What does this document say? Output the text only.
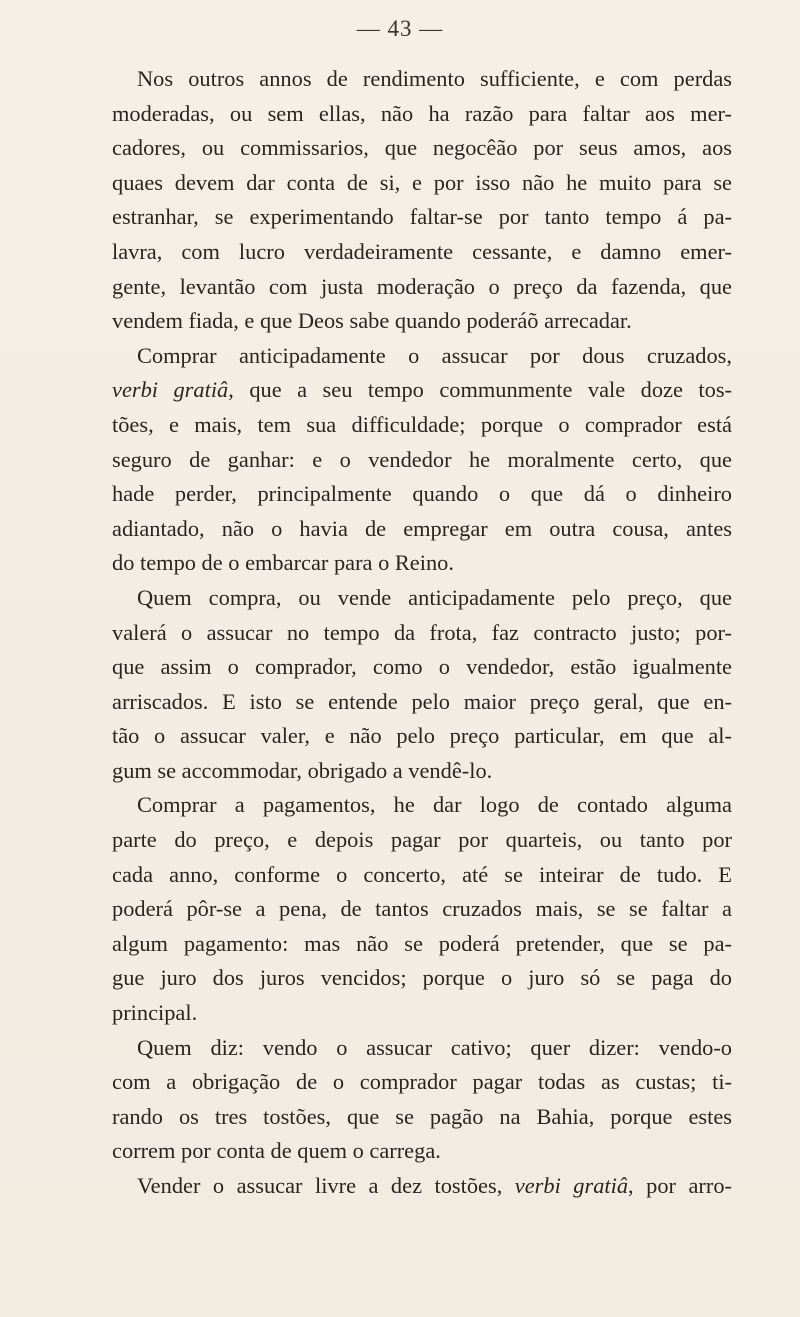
— 43 —
Nos outros annos de rendimento sufficiente, e com perdas
moderadas, ou sem ellas, não ha razão para faltar aos mer-
cadores, ou commissarios, que negocêão por seus amos, aos
quaes devem dar conta de si, e por isso não he muito para se
estranhar, se experimentando faltar-se por tanto tempo á pa-
lavra, com lucro verdadeiramente cessante, e damno emer-
gente, levantão com justa moderação o preço da fazenda, que
vendem fiada, e que Deos sabe quando poderáõ arrecadar.
Comprar anticipadamente o assucar por dous cruzados,
verbi gratiâ, que a seu tempo communmente vale doze tos-
tões, e mais, tem sua difficuldade; porque o comprador está
seguro de ganhar: e o vendedor he moralmente certo, que
hade perder, principalmente quando o que dá o dinheiro
adiantado, não o havia de empregar em outra cousa, antes
do tempo de o embarcar para o Reino.
Quem compra, ou vende anticipadamente pelo preço, que
valerá o assucar no tempo da frota, faz contracto justo; por-
que assim o comprador, como o vendedor, estão igualmente
arriscados. E isto se entende pelo maior preço geral, que en-
tão o assucar valer, e não pelo preço particular, em que al-
gum se accommodar, obrigado a vendê-lo.
Comprar a pagamentos, he dar logo de contado alguma
parte do preço, e depois pagar por quarteis, ou tanto por
cada anno, conforme o concerto, até se inteirar de tudo. E
poderá pôr-se a pena, de tantos cruzados mais, se se faltar a
algum pagamento: mas não se poderá pretender, que se pa-
gue juro dos juros vencidos; porque o juro só se paga do
principal.
Quem diz: vendo o assucar cativo; quer dizer: vendo-o
com a obrigação de o comprador pagar todas as custas; ti-
rando os tres tostões, que se pagão na Bahia, porque estes
correm por conta de quem o carrega.
Vender o assucar livre a dez tostões, verbi gratiâ, por arro-
